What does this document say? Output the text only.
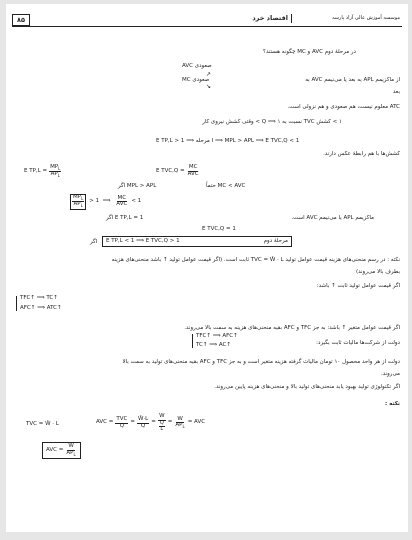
۸۵	اقتصاد خرد	موسسه آموزش عالی آزاد پارسه
در مرحلهٔ دوم AVC و MC چگونه هستند؟
AVC صعودی
↗
از ماکزیمم APL به بعد یا می‌نیمم AVC به
↘
MC صعودی
بعد
ATC معلوم نیست، هم صعودی و هم نزولی است.
۱ > کشش TVC نسبت به Q ⟹ ۱ > وقتی کشش نیروی کار
E TP,L > 1 ⟹ مرحله I ⟹ MPL > APL ⟹ E TVC,Q < 1
کشش‌ها با هم رابطهٔ عکس دارند.
E $TP,L = \frac{MP_L}{AP_L}$	E $TVC,Q = \frac{MC}{\text{AVC}}$
حتماً MC < AVC
اگر MPL > APL
$\frac{MP_L}{AP_L} > 1$  ⟹ $\frac{MC}{\text{AVC}} < 1$
ماکزیمم APL یا می‌نیمم AVC است.
اگر E TP,L = 1
E TVC,Q = 1
اگر E TP,L < 1 ⟹ E TVC,Q > 1	مرحلهٔ دوم
نکته : در رسم منحنی‌های هزینه قیمت عوامل تولید TVC = W̄ · L ثابت است. (اگر قیمت عوامل تولید ↑ باشد منحنی‌های هزینه
بطرف بالا می‌روند)
اگر قیمت عوامل تولید ثابت ↑ باشد:
TFC↑ ⟹ TC↑
AFC↑ ⟹ ATC↑
اگر قیمت عوامل متغیر ↑ باشد: به جز TFC و AFC بقیه منحنی‌های هزینه به سمت بالا می‌روند.
TFC↑ ⟹ AFC↑
TC↑ ⟹ AC↑	دولت از شرکت‌ها مالیات ثابت بگیرد:
دولت از هر واحد محصول ۱۰ تومان مالیات گرفته هزینه متغیر است و به جز TFC و AFC بقیه منحنی‌های تولید به سمت بالا
می‌روند.
اگر تکنولوژی تولید بهبود یابد منحنی‌های تولید بالا و منحنی‌های هزینه پایین می‌روند.
نکته :
TVC = W̄ · L	AVC = $\frac{\text{TVC}}{Q} = \frac{W̄\cdot L}{Q} = \frac{W}{\frac{Q}{L}} = \frac{W}{AP_L}$ = AVC
AVC = $\frac{W}{AP_L}$
